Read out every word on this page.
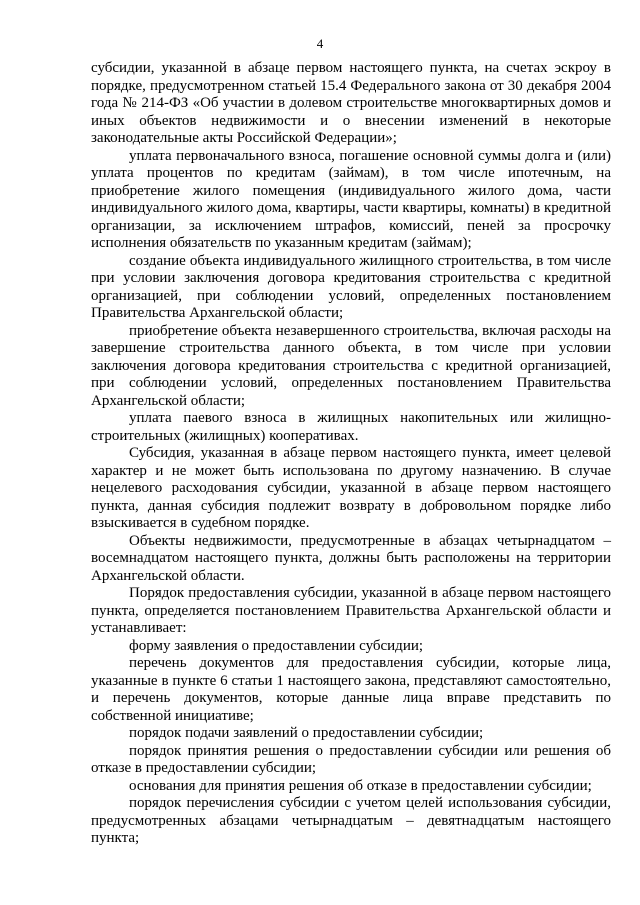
4

субсидии, указанной в абзаце первом настоящего пункта, на счетах эскроу в порядке, предусмотренном статьей 15.4 Федерального закона от 30 декабря 2004 года № 214-ФЗ «Об участии в долевом строительстве многоквартирных домов и иных объектов недвижимости и о внесении изменений в некоторые законодательные акты Российской Федерации»;

уплата первоначального взноса, погашение основной суммы долга и (или) уплата процентов по кредитам (займам), в том числе ипотечным, на приобретение жилого помещения (индивидуального жилого дома, части индивидуального жилого дома, квартиры, части квартиры, комнаты) в кредитной организации, за исключением штрафов, комиссий, пеней за просрочку исполнения обязательств по указанным кредитам (займам);

создание объекта индивидуального жилищного строительства, в том числе при условии заключения договора кредитования строительства с кредитной организацией, при соблюдении условий, определенных постановлением Правительства Архангельской области;

приобретение объекта незавершенного строительства, включая расходы на завершение строительства данного объекта, в том числе при условии заключения договора кредитования строительства с кредитной организацией, при соблюдении условий, определенных постановлением Правительства Архангельской области;

уплата паевого взноса в жилищных накопительных или жилищно-строительных (жилищных) кооперативах.

Субсидия, указанная в абзаце первом настоящего пункта, имеет целевой характер и не может быть использована по другому назначению. В случае нецелевого расходования субсидии, указанной в абзаце первом настоящего пункта, данная субсидия подлежит возврату в добровольном порядке либо взыскивается в судебном порядке.

Объекты недвижимости, предусмотренные в абзацах четырнадцатом – восемнадцатом настоящего пункта, должны быть расположены на территории Архангельской области.

Порядок предоставления субсидии, указанной в абзаце первом настоящего пункта, определяется постановлением Правительства Архангельской области и устанавливает:

форму заявления о предоставлении субсидии;

перечень документов для предоставления субсидии, которые лица, указанные в пункте 6 статьи 1 настоящего закона, представляют самостоятельно, и перечень документов, которые данные лица вправе представить по собственной инициативе;

порядок подачи заявлений о предоставлении субсидии;

порядок принятия решения о предоставлении субсидии или решения об отказе в предоставлении субсидии;

основания для принятия решения об отказе в предоставлении субсидии;

порядок перечисления субсидии с учетом целей использования субсидии, предусмотренных абзацами четырнадцатым – девятнадцатым настоящего пункта;
